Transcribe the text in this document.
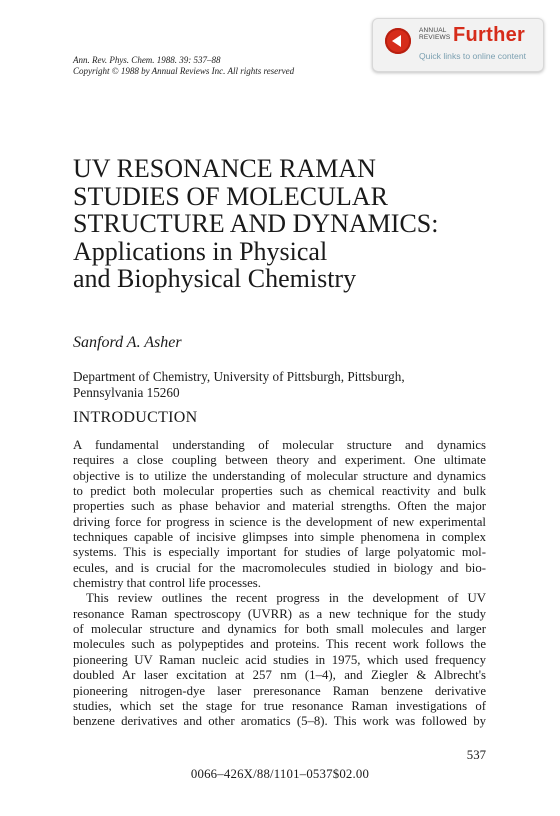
ANNUAL
REVIEWS Further
Quick links to online content
Ann. Rev. Phys. Chem. 1988. 39: 537–88
Copyright © 1988 by Annual Reviews Inc. All rights reserved
UV RESONANCE RAMAN
STUDIES OF MOLECULAR
STRUCTURE AND DYNAMICS:
Applications in Physical
and Biophysical Chemistry
Sanford A. Asher
Department of Chemistry, University of Pittsburgh, Pittsburgh,
Pennsylvania 15260
INTRODUCTION
A fundamental understanding of molecular structure and dynamics
requires a close coupling between theory and experiment. One ultimate
objective is to utilize the understanding of molecular structure and dynamics
to predict both molecular properties such as chemical reactivity and bulk
properties such as phase behavior and material strengths. Often the major
driving force for progress in science is the development of new experimental
techniques capable of incisive glimpses into simple phenomena in complex
systems. This is especially important for studies of large polyatomic mol-
ecules, and is crucial for the macromolecules studied in biology and bio-
chemistry that control life processes.
This review outlines the recent progress in the development of UV
resonance Raman spectroscopy (UVRR) as a new technique for the study
of molecular structure and dynamics for both small molecules and larger
molecules such as polypeptides and proteins. This recent work follows the
pioneering UV Raman nucleic acid studies in 1975, which used frequency
doubled Ar laser excitation at 257 nm (1–4), and Ziegler & Albrecht's
pioneering nitrogen-dye laser preresonance Raman benzene derivative
studies, which set the stage for true resonance Raman investigations of
benzene derivatives and other aromatics (5–8). This work was followed by
537
0066–426X/88/1101–0537$02.00
